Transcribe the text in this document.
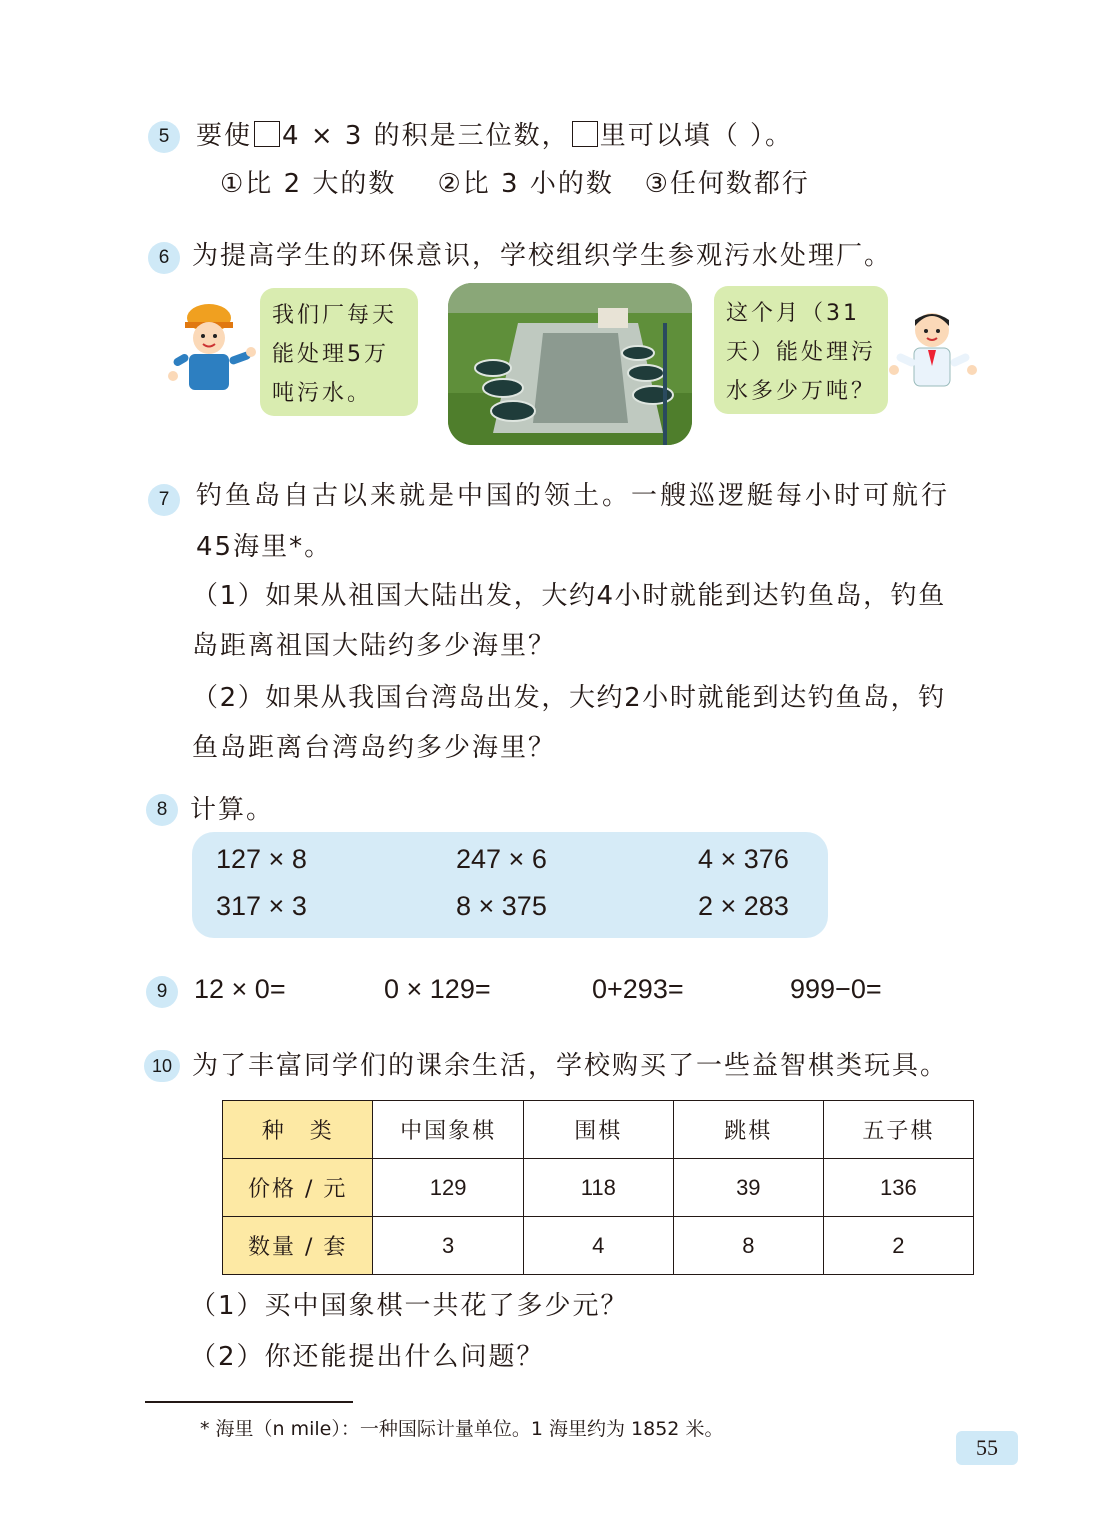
5	要使 4 × 3 的积是三位数， 里可以填（ ）。
①比 2 大的数    ②比 3 小的数   ③任何数都行
6 为提高学生的环保意识，学校组织学生参观污水处理厂。
我们厂每天
能处理5万
吨污水。
这个月（31
天）能处理污
水多少万吨？
7	钓鱼岛自古以来就是中国的领土。一艘巡逻艇每小时可航行
45海里*。
（1）如果从祖国大陆出发，大约4小时就能到达钓鱼岛，钓鱼
岛距离祖国大陆约多少海里？
（2）如果从我国台湾岛出发，大约2小时就能到达钓鱼岛，钓
鱼岛距离台湾岛约多少海里？
8 计算。
127 × 8	247 × 6	4 × 376
317 × 3	8 × 375	2 × 283
9 12 × 0=	0 × 129=	0+293=	999−0=
10 为了丰富同学们的课余生活，学校购买了一些益智棋类玩具。
种　类	中国象棋	围棋	跳棋	五子棋
价格 / 元	129	118	39	136
数量 / 套	3	4	8	2
（1）买中国象棋一共花了多少元？
（2）你还能提出什么问题？
* 海里（n mile）：一种国际计量单位。1 海里约为 1852 米。
55
